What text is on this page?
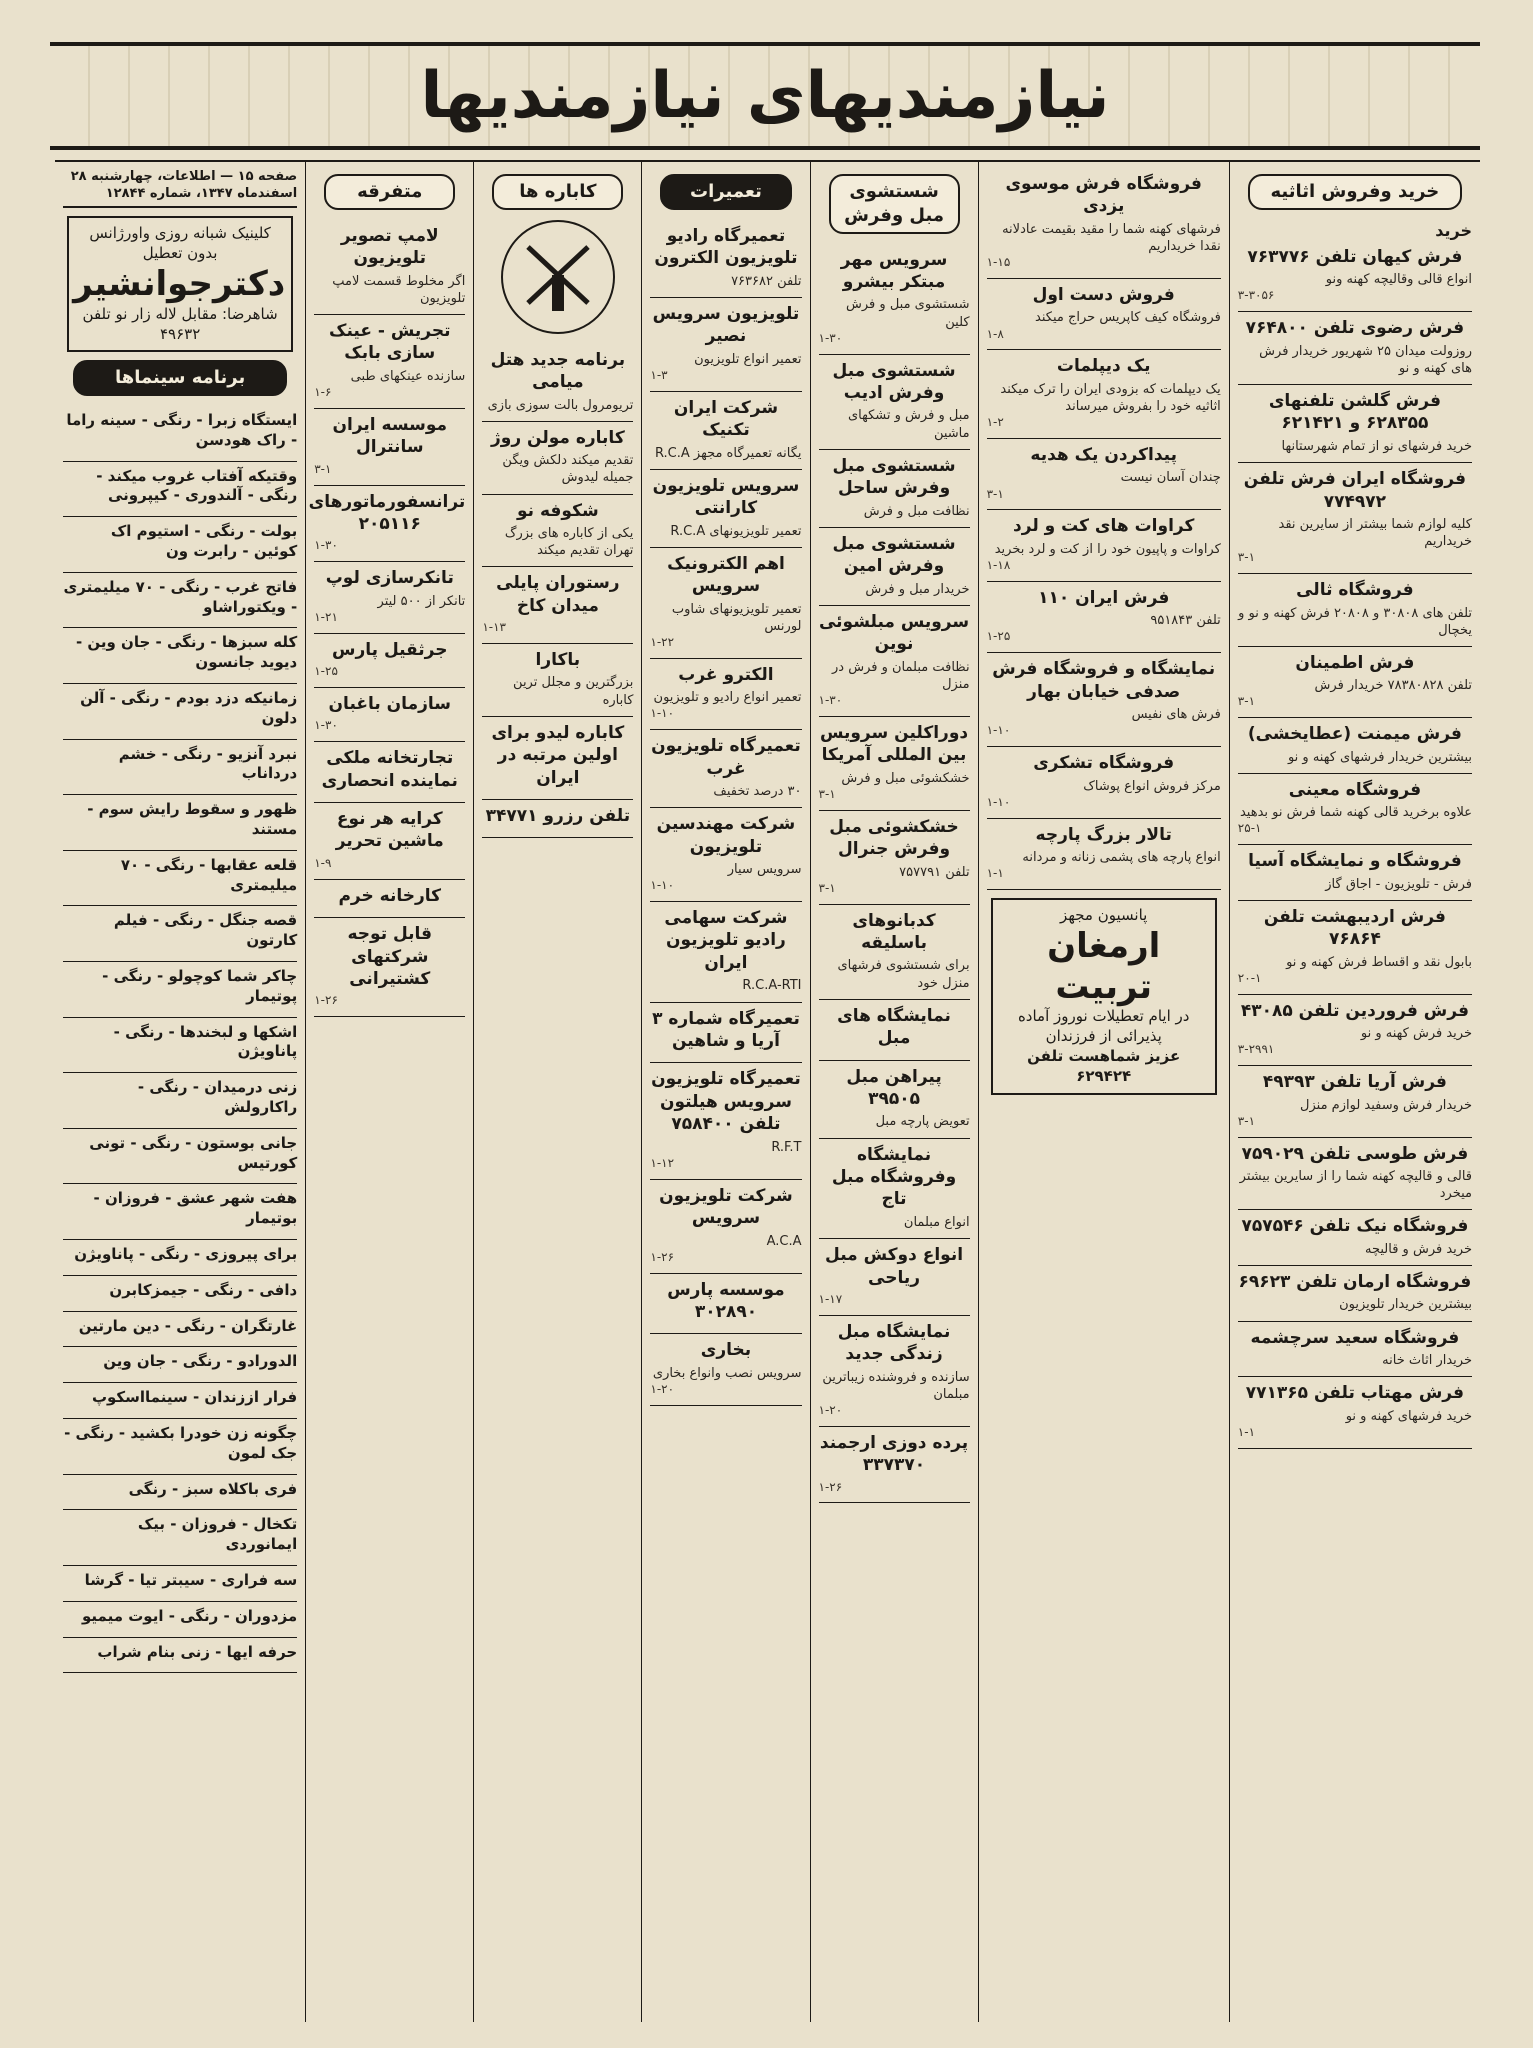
نيازمنديهاى نيازمنديها
خرید وفروش اثاثیه
خرید
فرش کیهان تلفن ۷۶۳۷۷۶
انواع قالی وقالیچه کهنه ونو
۳-۳۰۵۶
فرش رضوی تلفن ۷۶۴۸۰۰
روزولت میدان ۲۵ شهریور خریدار فرش های کهنه و نو
فرش گلشن تلفنهای ۶۲۸۳۵۵ و ۶۲۱۴۲۱
خرید فرشهای نو از تمام شهرستانها
فروشگاه ایران فرش تلفن ۷۷۴۹۷۲
کلیه لوازم شما بیشتر از سایرین نقد خریداریم
۳-۱
فروشگاه ثالی
تلفن های ۳۰۸۰۸ و ۲۰۸۰۸ فرش کهنه و نو و یخچال
فرش اطمینان
تلفن ۷۸۳۸۰۸۲۸ خریدار فرش
۳-۱
فرش میمنت (عطایخشی)
بیشترین خریدار فرشهای کهنه و نو
فروشگاه معینی
علاوه برخرید قالی کهنه شما فرش نو بدهید
۲۵-۱
فروشگاه و نمایشگاه آسیا
فرش - تلویزیون - اجاق گاز
فرش اردیبهشت تلفن ۷۶۸۶۴
بابول نقد و اقساط فرش کهنه و نو
۲۰-۱
فرش فروردین تلفن ۴۳۰۸۵
خرید فرش کهنه و نو
۳-۲۹۹۱
فرش آریا تلفن ۴۹۳۹۳
خریدار فرش وسفید لوازم منزل
۳-۱
فرش طوسی تلفن ۷۵۹۰۲۹
قالی و قالیچه کهنه شما را از سایرین بیشتر میخرد
فروشگاه نیک تلفن ۷۵۷۵۴۶
خرید فرش و قالیچه
فروشگاه ارمان تلفن ۶۹۶۲۳
بیشترین خریدار تلویزیون
فروشگاه سعید سرچشمه
خریدار اثاث خانه
فرش مهتاب تلفن ۷۷۱۳۶۵
خرید فرشهای کهنه و نو
۱-۱
فروشگاه فرش موسوی یزدی
فرشهای کهنه شما را مقید بقیمت عادلانه نقدا خریداریم
۱-۱۵
فروش دست اول
فروشگاه کیف کاپریس حراج میکند
۱-۸
یک دیپلمات
یک دیپلمات که بزودی ایران را ترک میکند اثاثیه خود را بفروش میرساند
۱-۲
پیداکردن یک هدیه
چندان آسان نیست
۳-۱
کراوات های کت و لرد
کراوات و پاپیون خود را از کت و لرد بخرید
۱-۱۸
فرش ایران ۱۱۰
تلفن ۹۵۱۸۴۳
۱-۲۵
نمایشگاه و فروشگاه فرش صدفی خیابان بهار
فرش های نفیس
۱-۱۰
فروشگاه تشکری
مرکز فروش انواع پوشاک
۱-۱۰
تالار بزرگ پارچه
انواع پارچه های پشمی زنانه و مردانه
۱-۱
پانسیون مجهز
ارمغان تربیت
در ایام تعطیلات نوروز آماده پذیرائی از فرزندان
عزیز شماهست تلفن ۶۲۹۴۲۴
شستشوی مبل وفرش
سرویس مهر مبتکر بیشرو
شستشوی مبل و فرش کلین
۱-۳۰
شستشوی مبل وفرش ادیب
مبل و فرش و تشکهای ماشین
شستشوی مبل وفرش ساحل
نظافت مبل و فرش
شستشوی مبل وفرش امین
خریدار مبل و فرش
سرویس مبلشوئی نوین
نظافت مبلمان و فرش در منزل
۱-۳۰
دوراکلین سرویس بین المللی آمریکا
خشکشوئی مبل و فرش
۳-۱
خشکشوئی مبل وفرش جنرال
تلفن ۷۵۷۷۹۱
۳-۱
کدبانوهای باسلیقه
برای شستشوی فرشهای منزل خود
نمایشگاه های مبل
پیراهن مبل ۳۹۵۰۵
تعویض پارچه مبل
نمایشگاه وفروشگاه مبل تاج
انواع مبلمان
انواع دوکش مبل ریاحی
۱-۱۷
نمایشگاه مبل زندگی جدید
سازنده و فروشنده زیباترین مبلمان
۱-۲۰
پرده دوزی ارجمند ۳۳۷۳۷۰
۱-۲۶
تعمیرات
تعمیرگاه رادیو تلویزیون الکترون
تلفن ۷۶۳۶۸۲
تلویزیون سرویس نصیر
تعمیر انواع تلویزیون
۱-۳
شرکت ایران تکنیک
یگانه تعمیرگاه مجهز R.C.A
سرویس تلویزیون کارانتی
تعمیر تلویزیونهای R.C.A
اهم الکترونیک سرویس
تعمیر تلویزیونهای شاوب لورنس
۱-۲۲
الکترو غرب
تعمیر انواع رادیو و تلویزیون
۱-۱۰
تعمیرگاه تلویزیون غرب
۳۰ درصد تخفیف
شرکت مهندسین تلویزیون
سرویس سیار
۱-۱۰
شرکت سهامی رادیو تلویزیون ایران
R.C.A-RTI
تعمیرگاه شماره ۳ آریا و شاهین
تعمیرگاه تلویزیون سرویس هیلتون تلفن ۷۵۸۴۰۰
R.F.T
۱-۱۲
شرکت تلویزیون سرویس
A.C.A
۱-۲۶
موسسه پارس ۳۰۲۸۹۰
بخاری
سرویس نصب وانواع بخاری
۱-۲۰
کاباره ها
برنامه جدید هتل میامی
تریومرول بالت سوزی بازی
کاباره مولن روژ
تقدیم میکند دلکش ویگن جمیله لیدوش
شکوفه نو
یکی از کاباره های بزرگ تهران تقدیم میکند
رستوران پایلی میدان کاخ
۱-۱۳
باکارا
بزرگترین و مجلل ترین کاباره
کاباره لیدو برای اولین مرتبه در ایران
تلفن رزرو ۳۴۷۷۱
متفرقه
لامپ تصویر تلویزیون
اگر مخلوط قسمت لامپ تلویزیون
تجریش - عینک سازی بابک
سازنده عینکهای طبی
۱-۶
موسسه ایران سانترال
۳-۱
ترانسفورماتورهای ۲۰۵۱۱۶
۱-۳۰
تانکرسازی لوپ
تانکر از ۵۰۰ لیتر
۱-۲۱
جرثقیل پارس
۱-۲۵
سازمان باغبان
۱-۳۰
تجارتخانه ملکی نماینده انحصاری
کرایه هر نوع ماشین تحریر
۱-۹
کارخانه خرم
قابل توجه شرکتهای کشتیرانی
۱-۲۶
صفحه ۱۵ — اطلاعات، چهارشنبه ۲۸ اسفندماه ۱۳۴۷، شماره ۱۲۸۴۴
کلینیک شبانه روزی واورژانس بدون تعطیل
دکترجوانشیر
شاهرضا: مقابل لاله زار نو تلفن ۴۹۶۳۲
برنامه سینماها
ایستگاه زبرا - رنگی - سینه راما - راک هودسن
وقتیکه آفتاب غروب میکند - رنگی - آلندوری - کیپرونی
بولت - رنگی - استیوم اک کوئین - رابرت ون
فاتح غرب - رنگی - ۷۰ میلیمتری - ویکتوراشاو
کله سبزها - رنگی - جان وین - دیوید جانسون
زمانیکه دزد بودم - رنگی - آلن دلون
نبرد آنزیو - رنگی - خشم درداناب
ظهور و سقوط رایش سوم - مستند
قلعه عقابها - رنگی - ۷۰ میلیمتری
قصه جنگل - رنگی - فیلم کارتون
چاکر شما کوچولو - رنگی - پوتیمار
اشکها و لبخندها - رنگی - پاناویژن
زنی درمیدان - رنگی - راکارولش
جانی بوستون - رنگی - تونی کورتیس
هفت شهر عشق - فروزان - بوتیمار
برای پیروزی - رنگی - پاناویژن
دافی - رنگی - جیمزکابرن
غارتگران - رنگی - دین مارتین
الدورادو - رنگی - جان وین
فرار اززندان - سینمااسکوپ
چگونه زن خودرا بکشید - رنگی - جک لمون
فری باکلاه سبز - رنگی
تکخال - فروزان - بیک ایمانوردی
سه فراری - سیبتر تیا - گرشا
مزدوران - رنگی - ایوت میمیو
حرفه ایها - زنی بنام شراب
